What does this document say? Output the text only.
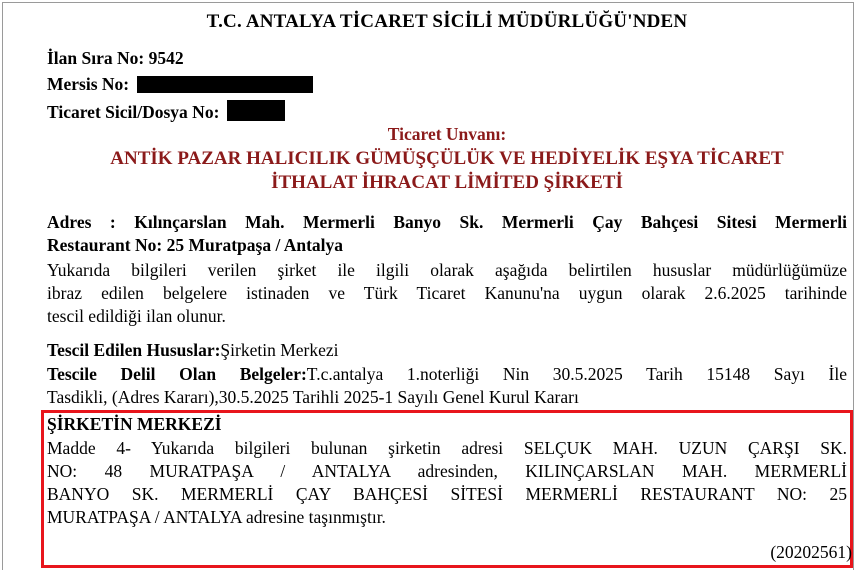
T.C. ANTALYA TİCARET SİCİLİ MÜDÜRLÜĞÜ'NDEN
İlan Sıra No: 9542
Mersis No:
Ticaret Sicil/Dosya No:
Ticaret Unvanı:
ANTİK PAZAR HALICILIK GÜMÜŞÇÜLÜK VE HEDİYELİK EŞYA TİCARET
İTHALAT İHRACAT LİMİTED ŞİRKETİ
Adres : Kılınçarslan Mah. Mermerli Banyo Sk. Mermerli Çay Bahçesi Sitesi Mermerli
Restaurant No: 25 Muratpaşa / Antalya
Yukarıda bilgileri verilen şirket ile ilgili olarak aşağıda belirtilen hususlar müdürlüğümüze
ibraz edilen belgelere istinaden ve Türk Ticaret Kanunu'na uygun olarak 2.6.2025 tarihinde
tescil edildiği ilan olunur.
Tescil Edilen Hususlar:Şirketin Merkezi
Tescile Delil Olan Belgeler:T.c.antalya 1.noterliği Nin 30.5.2025 Tarih 15148 Sayı İle
Tasdikli, (Adres Kararı),30.5.2025 Tarihli 2025-1 Sayılı Genel Kurul Kararı
ŞİRKETİN MERKEZİ
Madde 4- Yukarıda bilgileri bulunan şirketin adresi SELÇUK MAH. UZUN ÇARŞI SK.
NO: 48 MURATPAŞA / ANTALYA adresinden, KILINÇARSLAN MAH. MERMERLİ
BANYO SK. MERMERLİ ÇAY BAHÇESİ SİTESİ MERMERLİ RESTAURANT NO: 25
MURATPAŞA / ANTALYA adresine taşınmıştır.
(20202561)
